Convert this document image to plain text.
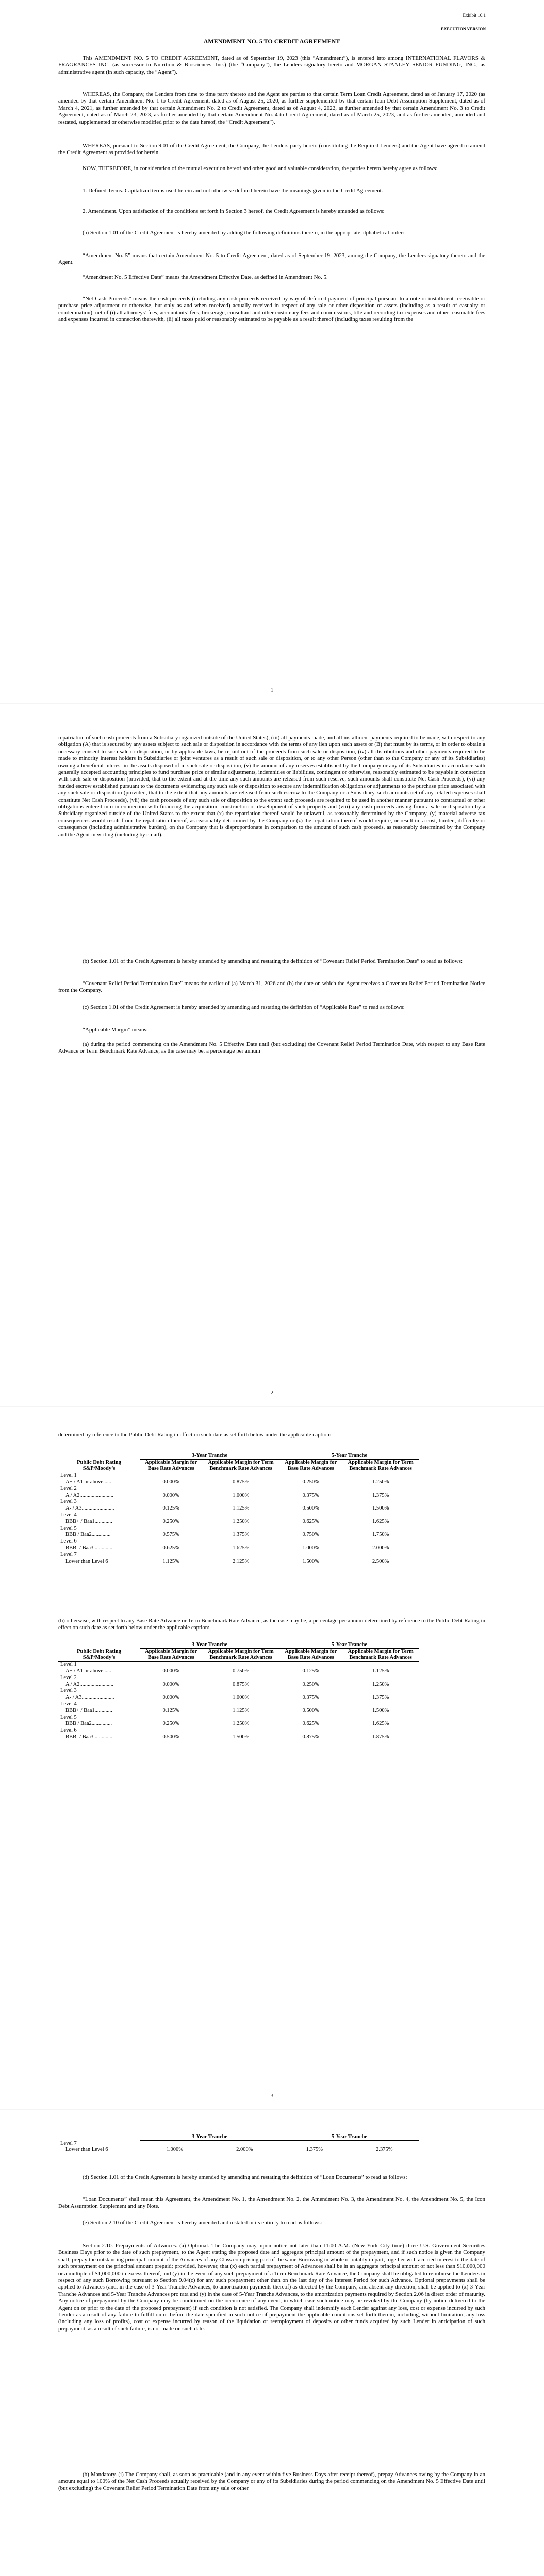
Exhibit 10.1
EXECUTION VERSION
AMENDMENT NO. 5 TO CREDIT AGREEMENT

This AMENDMENT NO. 5 TO CREDIT AGREEMENT, dated as of September 19, 2023 (this “Amendment”), is entered into among INTERNATIONAL FLAVORS & FRAGRANCES INC. (as successor to Nutrition & Biosciences, Inc.) (the “Company”), the Lenders signatory hereto and MORGAN STANLEY SENIOR FUNDING, INC., as administrative agent (in such capacity, the “Agent”).

WHEREAS, the Company, the Lenders from time to time party thereto and the Agent are parties to that certain Term Loan Credit Agreement, dated as of January 17, 2020 (as amended by that certain Amendment No. 1 to Credit Agreement, dated as of August 25, 2020, as further supplemented by that certain Icon Debt Assumption Supplement, dated as of March 4, 2021, as further amended by that certain Amendment No. 2 to Credit Agreement, dated as of August 4, 2022, as further amended by that certain Amendment No. 3 to Credit Agreement, dated as of March 23, 2023, as further amended by that certain Amendment No. 4 to Credit Agreement, dated as of March 25, 2023, and as further amended, amended and restated, supplemented or otherwise modified prior to the date hereof, the “Credit Agreement”).

WHEREAS, pursuant to Section 9.01 of the Credit Agreement, the Company, the Lenders party hereto (constituting the Required Lenders) and the Agent have agreed to amend the Credit Agreement as provided for herein.

NOW, THEREFORE, in consideration of the mutual execution hereof and other good and valuable consideration, the parties hereto hereby agree as follows:

1. Defined Terms. Capitalized terms used herein and not otherwise defined herein have the meanings given in the Credit Agreement.

2. Amendment. Upon satisfaction of the conditions set forth in Section 3 hereof, the Credit Agreement is hereby amended as follows:

(a) Section 1.01 of the Credit Agreement is hereby amended by adding the following definitions thereto, in the appropriate alphabetical order:

“Amendment No. 5” means that certain Amendment No. 5 to Credit Agreement, dated as of September 19, 2023, among the Company, the Lenders signatory thereto and the Agent.

“Amendment No. 5 Effective Date” means the Amendment Effective Date, as defined in Amendment No. 5.

“Net Cash Proceeds” means the cash proceeds (including any cash proceeds received by way of deferred payment of principal pursuant to a note or installment receivable or purchase price adjustment or otherwise, but only as and when received) actually received in respect of any sale or other disposition of assets (including as a result of casualty or condemnation), net of (i) all attorneys’ fees, accountants’ fees, brokerage, consultant and other customary fees and commissions, title and recording tax expenses and other reasonable fees and expenses incurred in connection therewith, (ii) all taxes paid or reasonably estimated to be payable as a result thereof (including taxes resulting from the

1

repatriation of such cash proceeds from a Subsidiary organized outside of the United States), (iii) all payments made, and all installment payments required to be made, with respect to any obligation (A) that is secured by any assets subject to such sale or disposition in accordance with the terms of any lien upon such assets or (B) that must by its terms, or in order to obtain a necessary consent to such sale or disposition, or by applicable laws, be repaid out of the proceeds from such sale or disposition, (iv) all distributions and other payments required to be made to minority interest holders in Subsidiaries or joint ventures as a result of such sale or disposition, or to any other Person (other than to the Company or any of its Subsidiaries) owning a beneficial interest in the assets disposed of in such sale or disposition, (v) the amount of any reserves established by the Company or any of its Subsidiaries in accordance with generally accepted accounting principles to fund purchase price or similar adjustments, indemnities or liabilities, contingent or otherwise, reasonably estimated to be payable in connection with such sale or disposition (provided, that to the extent and at the time any such amounts are released from such reserve, such amounts shall constitute Net Cash Proceeds), (vi) any funded escrow established pursuant to the documents evidencing any such sale or disposition to secure any indemnification obligations or adjustments to the purchase price associated with any such sale or disposition (provided, that to the extent that any amounts are released from such escrow to the Company or a Subsidiary, such amounts net of any related expenses shall constitute Net Cash Proceeds), (vii) the cash proceeds of any such sale or disposition to the extent such proceeds are required to be used in another manner pursuant to contractual or other obligations entered into in connection with financing the acquisition, construction or development of such property and (viii) any cash proceeds arising from a sale or disposition by a Subsidiary organized outside of the United States to the extent that (x) the repatriation thereof would be unlawful, as reasonably determined by the Company, (y) material adverse tax consequences would result from the repatriation thereof, as reasonably determined by the Company or (z) the repatriation thereof would require, or result in, a cost, burden, difficulty or consequence (including administrative burden), on the Company that is disproportionate in comparison to the amount of such cash proceeds, as reasonably determined by the Company and the Agent in writing (including by email).

(b) Section 1.01 of the Credit Agreement is hereby amended by amending and restating the definition of “Covenant Relief Period Termination Date” to read as follows:

“Covenant Relief Period Termination Date” means the earlier of (a) March 31, 2026 and (b) the date on which the Agent receives a Covenant Relief Period Termination Notice from the Company.

(c) Section 1.01 of the Credit Agreement is hereby amended by amending and restating the definition of “Applicable Rate” to read as follows:

“Applicable Margin” means:

(a) during the period commencing on the Amendment No. 5 Effective Date until (but excluding) the Covenant Relief Period Termination Date, with respect to any Base Rate Advance or Term Benchmark Rate Advance, as the case may be, a percentage per annum

2

determined by reference to the Public Debt Rating in effect on such date as set forth below under the applicable caption:

	3-Year Tranche		5-Year Tranche	
Public Debt Rating S&P/Moody’s	Applicable Margin for Base Rate Advances	Applicable Margin for Term Benchmark Rate Advances	Applicable Margin for Base Rate Advances	Applicable Margin for Term Benchmark Rate Advances
Level 1				
A+ / A1 or above......	0.000%	0.875%	0.250%	1.250%
Level 2				
A / A2.........................	0.000%	1.000%	0.375%	1.375%
Level 3				
A- / A3........................	0.125%	1.125%	0.500%	1.500%
Level 4				
BBB+ / Baa1.............	0.250%	1.250%	0.625%	1.625%
Level 5				
BBB / Baa2..............	0.575%	1.375%	0.750%	1.750%
Level 6				
BBB- / Baa3..............	0.625%	1.625%	1.000%	2.000%
Level 7				
Lower than Level 6	1.125%	2.125%	1.500%	2.500%

(b) otherwise, with respect to any Base Rate Advance or Term Benchmark Rate Advance, as the case may be, a percentage per annum determined by reference to the Public Debt Rating in effect on such date as set forth below under the applicable caption:

	3-Year Tranche		5-Year Tranche	
Public Debt Rating S&P/Moody’s	Applicable Margin for Base Rate Advances	Applicable Margin for Term Benchmark Rate Advances	Applicable Margin for Base Rate Advances	Applicable Margin for Term Benchmark Rate Advances
Level 1				
A+ / A1 or above......	0.000%	0.750%	0.125%	1.125%
Level 2				
A / A2.........................	0.000%	0.875%	0.250%	1.250%
Level 3				
A- / A3........................	0.000%	1.000%	0.375%	1.375%
Level 4				
BBB+ / Baa1.............	0.125%	1.125%	0.500%	1.500%
Level 5				
BBB / Baa2...............	0.250%	1.250%	0.625%	1.625%
Level 6				
BBB- / Baa3..............	0.500%	1.500%	0.875%	1.875%
3
	3-Year Tranche		5-Year Tranche	
Level 7				
Lower than Level 6	1.000%	2.000%	1.375%	2.375%

(d) Section 1.01 of the Credit Agreement is hereby amended by amending and restating the definition of “Loan Documents” to read as follows:

“Loan Documents” shall mean this Agreement, the Amendment No. 1, the Amendment No. 2, the Amendment No. 3, the Amendment No. 4, the Amendment No. 5, the Icon Debt Assumption Supplement and any Note.

(e) Section 2.10 of the Credit Agreement is hereby amended and restated in its entirety to read as follows:

Section 2.10. Prepayments of Advances. (a) Optional. The Company may, upon notice not later than 11:00 A.M. (New York City time) three U.S. Government Securities Business Days prior to the date of such prepayment, to the Agent stating the proposed date and aggregate principal amount of the prepayment, and if such notice is given the Company shall, prepay the outstanding principal amount of the Advances of any Class comprising part of the same Borrowing in whole or ratably in part, together with accrued interest to the date of such prepayment on the principal amount prepaid; provided, however, that (x) each partial prepayment of Advances shall be in an aggregate principal amount of not less than $10,000,000 or a multiple of $1,000,000 in excess thereof, and (y) in the event of any such prepayment of a Term Benchmark Rate Advance, the Company shall be obligated to reimburse the Lenders in respect of any such Borrowing pursuant to Section 9.04(c) for any such prepayment other than on the last day of the Interest Period for such Advance. Optional prepayments shall be applied to Advances (and, in the case of 3-Year Tranche Advances, to amortization payments thereof) as directed by the Company, and absent any direction, shall be applied to (x) 3-Year Tranche Advances and 5-Year Tranche Advances pro rata and (y) in the case of 5-Year Tranche Advances, to the amortization payments required by Section 2.06 in direct order of maturity. Any notice of prepayment by the Company may be conditioned on the occurrence of any event, in which case such notice may be revoked by the Company (by notice delivered to the Agent on or prior to the date of the proposed prepayment) if such condition is not satisfied. The Company shall indemnify each Lender against any loss, cost or expense incurred by such Lender as a result of any failure to fulfill on or before the date specified in such notice of prepayment the applicable conditions set forth therein, including, without limitation, any loss (including any loss of profits), cost or expense incurred by reason of the liquidation or reemployment of deposits or other funds acquired by such Lender in anticipation of such prepayment, as a result of such failure, is not made on such date.

(b) Mandatory. (i) The Company shall, as soon as practicable (and in any event within five Business Days after receipt thereof), prepay Advances owing by the Company in an amount equal to 100% of the Net Cash Proceeds actually received by the Company or any of its Subsidiaries during the period commencing on the Amendment No. 5 Effective Date until (but excluding) the Covenant Relief Period Termination Date from any sale or other
